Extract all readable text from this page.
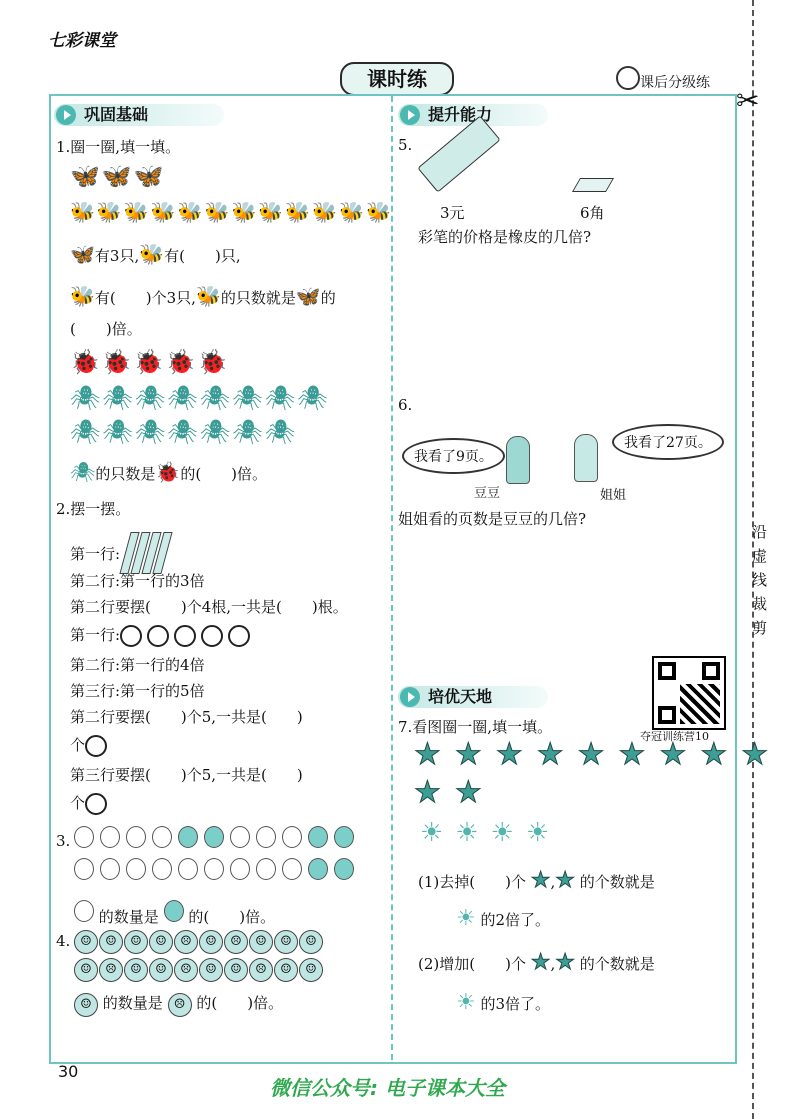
七彩课堂
课时练	课后分级练
✂
沿虚线裁剪
巩固基础
1.圈一圈,填一填。
🦋 🦋 🦋
🐝 🐝 🐝 🐝 🐝 🐝 🐝 🐝 🐝 🐝 🐝 🐝
🦋有3只,🐝有(　　)只,
🐝有(　　)个3只,🐝的只数就是🦋的
(　　)倍。
🐞 🐞 🐞 🐞 🐞
🕷 🕷 🕷 🕷 🕷 🕷 🕷 🕷
🕷 🕷 🕷 🕷 🕷 🕷 🕷
🕷的只数是🐞的(　　)倍。
2.摆一摆。
第一行:
第二行:第一行的3倍
第二行要摆(　　)个4根,一共是(　　)根。
第一行:
第二行:第一行的4倍
第三行:第一行的5倍
第二行要摆(　　)个5,一共是(　　)
个
第三行要摆(　　)个5,一共是(　　)
个
3.
的数量是 的(　　)倍。
4. ☺	☺	☺	☺	☹	☺	☹	☺	☺	☺
☺	☹	☺	☺	☹	☺	☺	☹	☺	☺
☺ 的数量是 ☹ 的(　　)倍。
提升能力
5.
3元	6角
彩笔的价格是橡皮的几倍?
6.
我看了9页。
我看了27页。
豆豆	姐姐
姐姐看的页数是豆豆的几倍?
夺冠训练营10
培优天地
7.看图圈一圈,填一填。
★ ★ ★ ★ ★ ★ ★ ★ ★
★ ★
☀ ☀ ☀ ☀
(1)去掉(　　)个 ★,★ 的个数就是
☀ 的2倍了。
(2)增加(　　)个 ★,★ 的个数就是
☀ 的3倍了。
30
微信公众号: 电子课本大全
